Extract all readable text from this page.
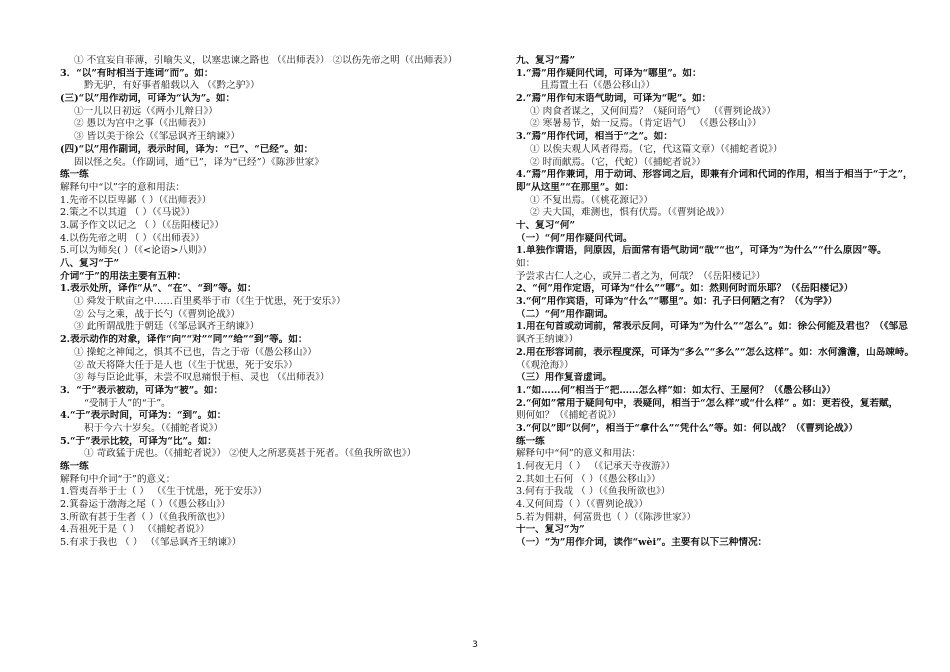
① 不宜妄自菲薄，引喻失义，以塞忠谏之路也 （《出师表》） ②以伤先帝之明（《出师表》）
3．“以”有时相当于连词“而”。如：
黔无驴，有好事者船载以入 （《黔之驴》）
(三)“以”用作动词，可译为“认为”。如：
①一儿以日初远（《两小儿辩日》）
② 愚以为宫中之事（《出师表》）
③ 皆以美于徐公（《邹忌讽齐王纳谏》）
(四)“以”用作副词，表示时间，译为：“已”、“已经”。如：
固以怪之矣。（作副词，通“已”，译为“已经”）《陈涉世家》
练一练
解释句中“以”字的意和用法：
1.先帝不以臣卑鄙（ ）（《出师表》）
2.策之不以其道 （ ）（《马说》）
3.属予作文以记之 （ ）（《岳阳楼记》）
4.以伤先帝之明 （ ）（《出师表》）
5.可以为师矣( ）（《<论语>八则》）
八、复习“于”
介词“于”的用法主要有五种：
1.表示处所，译作“从”、“在”、“到”等。如：
① 舜发于畎亩之中……百里奚举于市（《生于忧患，死于安乐》）
② 公与之乘，战于长勺（《曹刿论战》）
③ 此所谓战胜于朝廷（《邹忌讽齐王纳谏》）
2.表示动作的对象，译作“向”“对”“同”“给”“到”等。如：
① 操蛇之神闻之，惧其不已也，告之于帝（《愚公移山》）
② 故天将降大任于是人也（《生于忧患，死于安乐》）
③ 每与臣论此事，未尝不叹息痛恨于桓、灵也 （《出师表》）
3．“于”表示被动，可译为“被”。如：
“受制于人”的“于”。
4.“于”表示时间，可译为：“到”。如：
积于今六十岁矣。（《捕蛇者说》）
5.“于”表示比较，可译为“比”。如：
① 苛政猛于虎也。（《捕蛇者说》） ②使人之所恶莫甚于死者。（《鱼我所欲也》）
练一练
解释句中介词“于”的意义：
1.管夷吾举于士（ ） （《生于忧患，死于安乐》）
2.箕畚运于渤海之尾（ ）（《愚公移山》）
3.所欲有甚于生者（ ）（《鱼我所欲也》）
4.吾祖死于是（ ） （《捕蛇者说》）
5.有求于我也 （ ） （《邹忌讽齐王纳谏》）
九、复习“焉”
1.“焉”用作疑问代词，可译为“哪里”。如：
且焉置土石（《愚公移山》）
2.“焉”用作句末语气助词，可译为“呢”。如：
① 肉食者谋之，又何间焉？（疑问语气） （《曹刿论战》）
② 寒暑易节，始一反焉。（肯定语气） （《愚公移山》）
3.“焉”用作代词，相当于“之”。如：
① 以俟夫观人风者得焉。（它，代这篇文章）（《捕蛇者说》）
② 时而献焉。（它，代蛇）（《捕蛇者说》）
4.“焉”用作兼词，用于动词、形容词之后，即兼有介词和代词的作用，相当于相当于“于之”，
即“从这里”“在那里”。如：
① 不复出焉。（《桃花源记》）
② 夫大国，难测也，惧有伏焉。（《曹刿论战》）
十、复习“何”
（一）“何”用作疑问代词。
1.单独作谓语，问原因，后面常有语气助词“哉”“也”，可译为“为什么”“什么原因”等。
如：
予尝求古仁人之心，或异二者之为，何哉？（《岳阳楼记》）
2、“何”用作定语，可译为“什么”“哪”。如：然则何时而乐耶？（《岳阳楼记》）
3.“何”用作宾语，可译为“什么”“哪里”。如：孔子曰何陋之有？（《为学》）
（二）“何”用作副词。
1.用在句首或动词前，常表示反问，可译为“为什么”“怎么”。如：徐公何能及君也？（《邹忌
讽齐王纳谏》）
2.用在形容词前，表示程度深，可译为“多么”“多么”“怎么这样”。如：水何澹澹，山岛竦峙。
（《观沧海》）
（三）用作复音虚词。
1.“如……何”相当于“把……怎么样”如：如太行、王屋何？（《愚公移山》）
2.“何如”常用于疑问句中，表疑问，相当于“怎么样”或“什么样” 。如：更若役，复若赋，
则何如？（《捕蛇者说》）
3.“何以”即“以何”，相当于“拿什么”“凭什么”等。如：何以战？（《曹刿论战》）
练一练
解释句中“何”的意义和用法：
1.何夜无月（ ） （《记承天寺夜游》）
2.其如土石何 （ ）（《愚公移山》）
3.何有于我哉 （ ）（《鱼我所欲也》）
4.又何间焉（ ）（《曹刿论战》）
5.若为佣耕，何富贵也（ ）（《陈涉世家》）
十一、复习“为”
（一）“为”用作介词，读作“wèi”。主要有以下三种情况：
3
